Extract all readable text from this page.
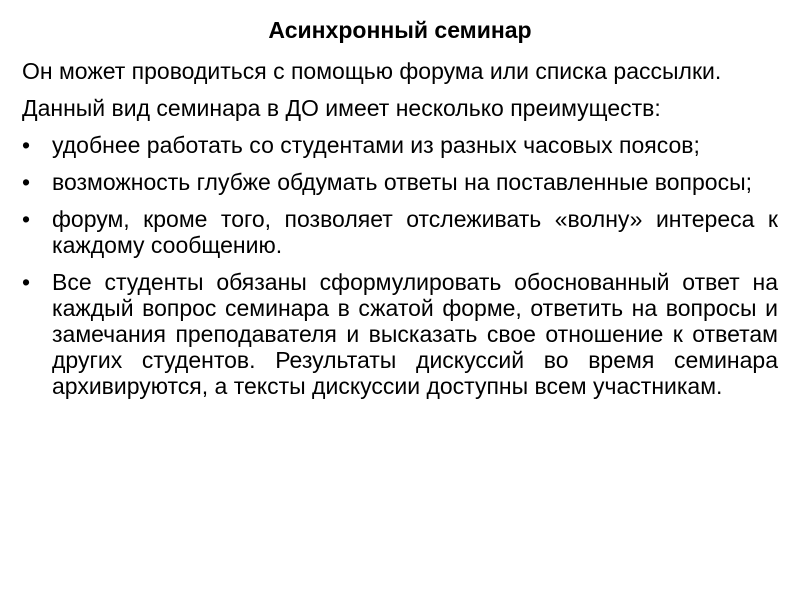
Асинхронный семинар

Он может проводиться с помощью форума или списка рассылки.

Данный вид семинара в ДО имеет несколько преимуществ:

• удобнее работать со студентами из разных часовых поясов;

• возможность глубже обдумать ответы на поставленные вопросы;

• форум, кроме того, позволяет отслеживать «волну» интереса к каждому сообщению.

• Все студенты обязаны сформулировать обоснованный ответ на каждый вопрос семинара в сжатой форме, ответить на вопросы и замечания преподавателя и высказать свое отношение к ответам других студентов. Результаты дискуссий во время семинара архивируются, а тексты дискуссии доступны всем участникам.
